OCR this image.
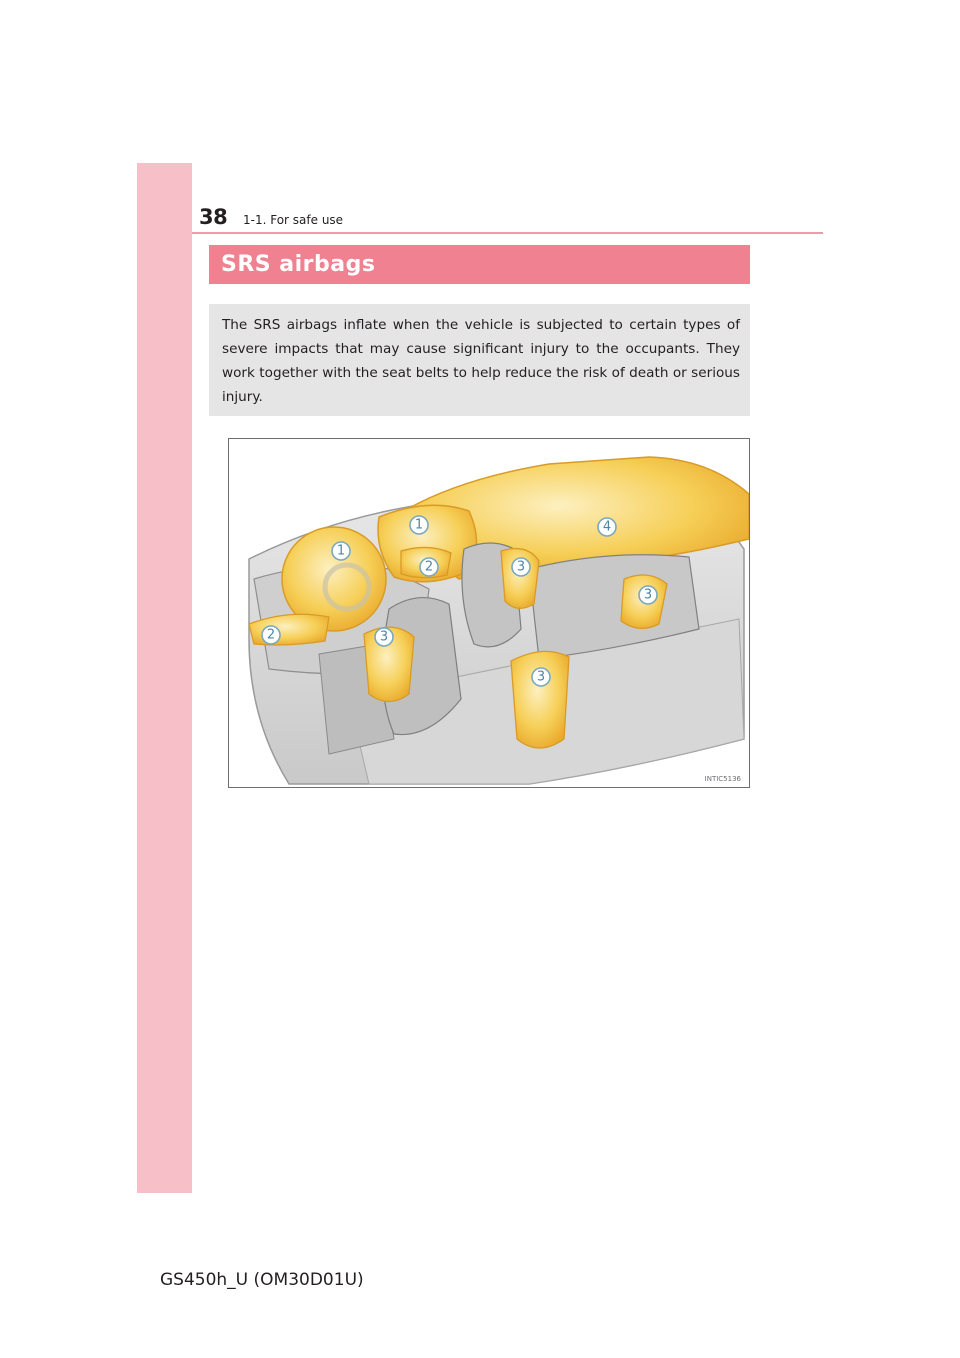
38 1-1. For safe use
SRS airbags

The SRS airbags inflate when the vehicle is subjected to certain types of severe impacts that may cause significant injury to the occupants. They work together with the seat belts to help reduce the risk of death or serious injury.

1
1
2
2
3
3
3
3
4
INTIC5136
GS450h_U (OM30D01U)
